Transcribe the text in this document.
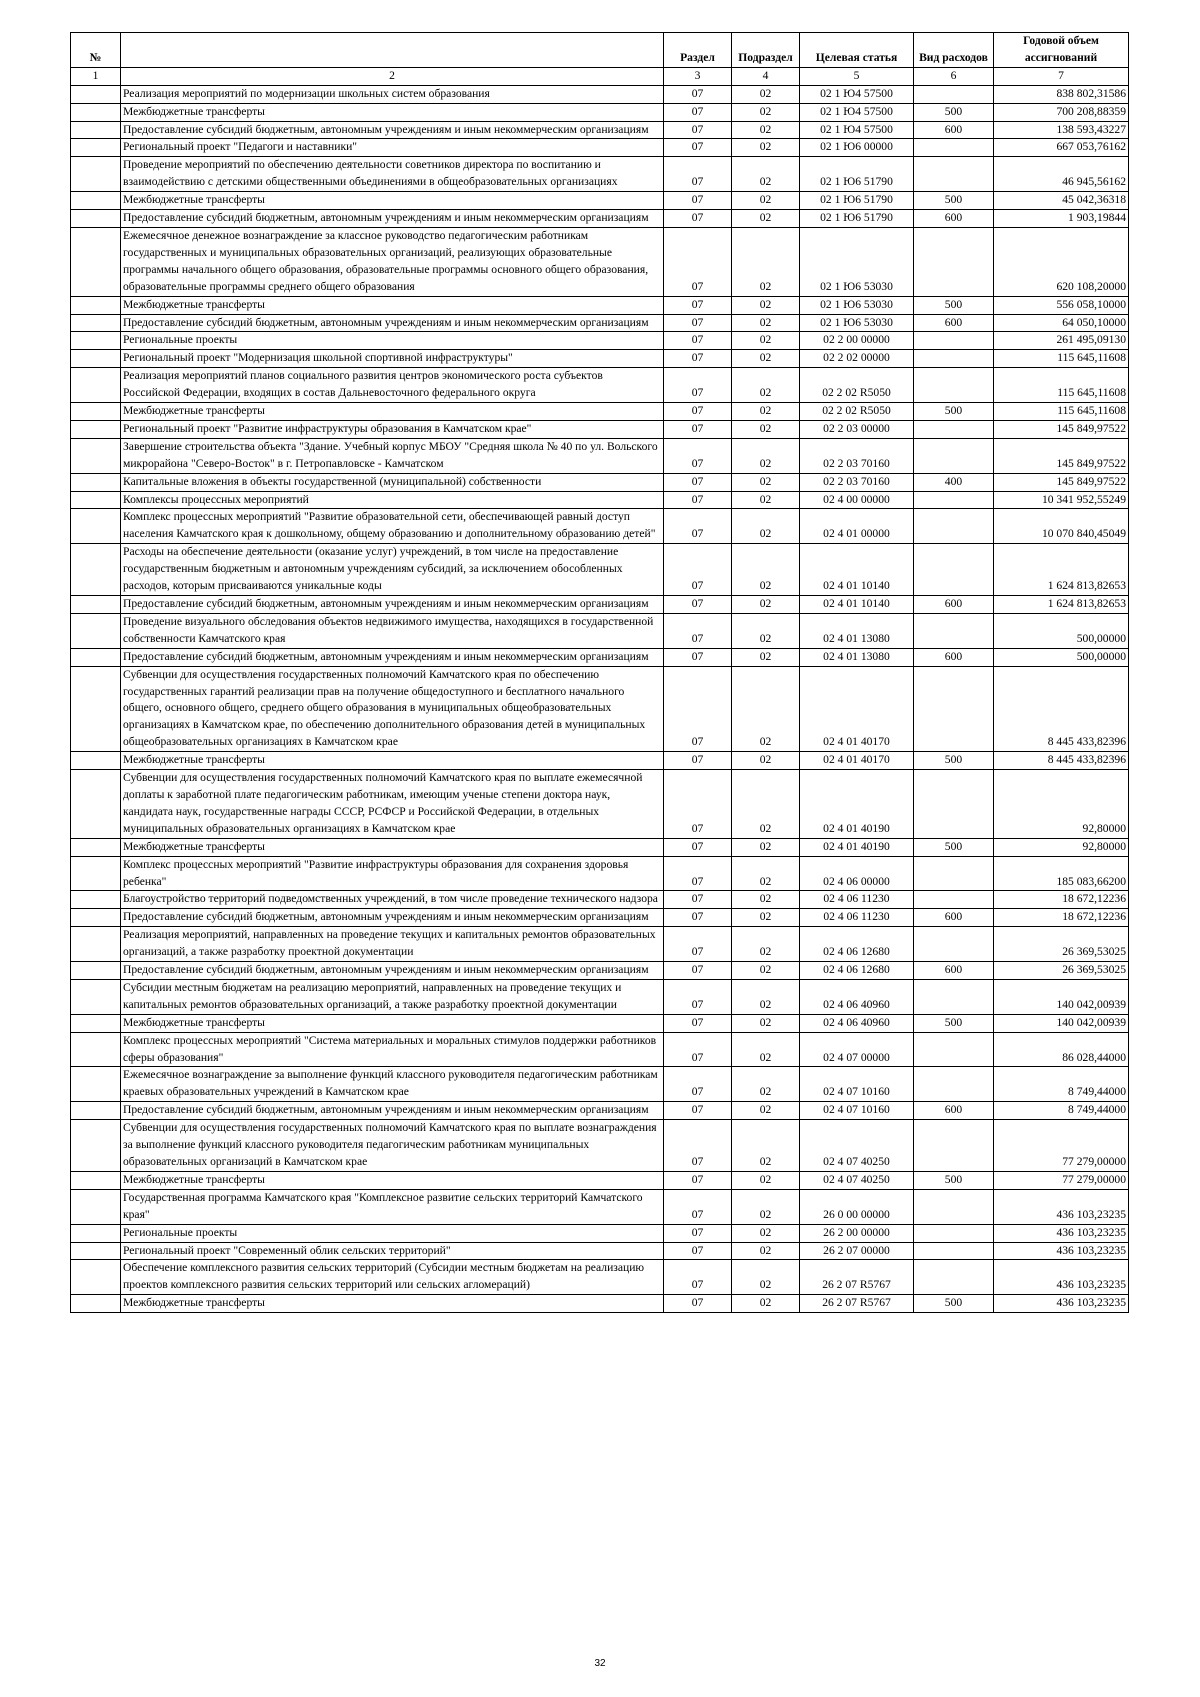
№		Раздел	Подраздел	Целевая статья	Вид расходов	Годовой объем ассигнований
1	2	3	4	5	6	7
	Реализация мероприятий по модернизации школьных систем образования	07	02	02 1 Ю4 57500		838 802,31586
	Межбюджетные трансферты	07	02	02 1 Ю4 57500	500	700 208,88359
	Предоставление субсидий бюджетным, автономным учреждениям и иным некоммерческим организациям	07	02	02 1 Ю4 57500	600	138 593,43227
	Региональный проект "Педагоги и наставники"	07	02	02 1 Ю6 00000		667 053,76162
	Проведение мероприятий по обеспечению деятельности советников директора по воспитанию и взаимодействию с детскими общественными объединениями в общеобразовательных организациях	07	02	02 1 Ю6 51790		46 945,56162
	Межбюджетные трансферты	07	02	02 1 Ю6 51790	500	45 042,36318
	Предоставление субсидий бюджетным, автономным учреждениям и иным некоммерческим организациям	07	02	02 1 Ю6 51790	600	1 903,19844
	Ежемесячное денежное вознаграждение за классное руководство педагогическим работникам государственных и муниципальных образовательных организаций, реализующих образовательные программы начального общего образования, образовательные программы основного общего образования, образовательные программы среднего общего образования	07	02	02 1 Ю6 53030		620 108,20000
	Межбюджетные трансферты	07	02	02 1 Ю6 53030	500	556 058,10000
	Предоставление субсидий бюджетным, автономным учреждениям и иным некоммерческим организациям	07	02	02 1 Ю6 53030	600	64 050,10000
	Региональные проекты	07	02	02 2 00 00000		261 495,09130
	Региональный проект "Модернизация школьной спортивной инфраструктуры"	07	02	02 2 02 00000		115 645,11608
	Реализация мероприятий планов социального развития центров экономического роста субъектов Российской Федерации, входящих в состав Дальневосточного федерального округа	07	02	02 2 02 R5050		115 645,11608
	Межбюджетные трансферты	07	02	02 2 02 R5050	500	115 645,11608
	Региональный проект "Развитие инфраструктуры образования в Камчатском крае"	07	02	02 2 03 00000		145 849,97522
	Завершение строительства объекта "Здание. Учебный корпус МБОУ "Средняя школа № 40 по ул. Вольского микрорайона "Северо-Восток" в г. Петропавловске - Камчатском	07	02	02 2 03 70160		145 849,97522
	Капитальные вложения в объекты государственной (муниципальной) собственности	07	02	02 2 03 70160	400	145 849,97522
	Комплексы процессных мероприятий	07	02	02 4 00 00000		10 341 952,55249
	Комплекс процессных мероприятий "Развитие образовательной сети, обеспечивающей равный доступ населения Камчатского края к дошкольному, общему образованию и дополнительному образованию детей"	07	02	02 4 01 00000		10 070 840,45049
	Расходы на обеспечение деятельности (оказание услуг) учреждений, в том числе на предоставление государственным бюджетным и автономным учреждениям субсидий, за исключением обособленных расходов, которым присваиваются уникальные коды	07	02	02 4 01 10140		1 624 813,82653
	Предоставление субсидий бюджетным, автономным учреждениям и иным некоммерческим организациям	07	02	02 4 01 10140	600	1 624 813,82653
	Проведение визуального обследования объектов недвижимого имущества, находящихся в государственной собственности Камчатского края	07	02	02 4 01 13080		500,00000
	Предоставление субсидий бюджетным, автономным учреждениям и иным некоммерческим организациям	07	02	02 4 01 13080	600	500,00000
	Субвенции для осуществления государственных полномочий Камчатского края по обеспечению государственных гарантий реализации прав на получение общедоступного и бесплатного начального общего, основного общего, среднего общего образования в муниципальных общеобразовательных организациях в Камчатском крае, по обеспечению дополнительного образования детей в муниципальных общеобразовательных организациях в Камчатском крае	07	02	02 4 01 40170		8 445 433,82396
	Межбюджетные трансферты	07	02	02 4 01 40170	500	8 445 433,82396
	Субвенции для осуществления государственных полномочий Камчатского края по выплате ежемесячной доплаты к заработной плате педагогическим работникам, имеющим ученые степени доктора наук, кандидата наук, государственные награды СССР, РСФСР и Российской Федерации, в отдельных муниципальных образовательных организациях в Камчатском крае	07	02	02 4 01 40190		92,80000
	Межбюджетные трансферты	07	02	02 4 01 40190	500	92,80000
	Комплекс процессных мероприятий "Развитие инфраструктуры образования для сохранения здоровья ребенка"	07	02	02 4 06 00000		185 083,66200
	Благоустройство территорий подведомственных учреждений, в том числе проведение технического надзора	07	02	02 4 06 11230		18 672,12236
	Предоставление субсидий бюджетным, автономным учреждениям и иным некоммерческим организациям	07	02	02 4 06 11230	600	18 672,12236
	Реализация мероприятий, направленных на проведение текущих и капитальных ремонтов образовательных организаций, а также разработку проектной документации	07	02	02 4 06 12680		26 369,53025
	Предоставление субсидий бюджетным, автономным учреждениям и иным некоммерческим организациям	07	02	02 4 06 12680	600	26 369,53025
	Субсидии местным бюджетам на реализацию мероприятий, направленных на проведение текущих и капитальных ремонтов образовательных организаций, а также разработку проектной документации	07	02	02 4 06 40960		140 042,00939
	Межбюджетные трансферты	07	02	02 4 06 40960	500	140 042,00939
	Комплекс процессных мероприятий "Система материальных и моральных стимулов поддержки работников сферы образования"	07	02	02 4 07 00000		86 028,44000
	Ежемесячное вознаграждение за выполнение функций классного руководителя педагогическим работникам краевых образовательных учреждений в Камчатском крае	07	02	02 4 07 10160		8 749,44000
	Предоставление субсидий бюджетным, автономным учреждениям и иным некоммерческим организациям	07	02	02 4 07 10160	600	8 749,44000
	Субвенции для осуществления государственных полномочий Камчатского края по выплате вознаграждения за выполнение функций классного руководителя педагогическим работникам муниципальных образовательных организаций в Камчатском крае	07	02	02 4 07 40250		77 279,00000
	Межбюджетные трансферты	07	02	02 4 07 40250	500	77 279,00000
	Государственная программа Камчатского края "Комплексное развитие сельских территорий Камчатского края"	07	02	26 0 00 00000		436 103,23235
	Региональные проекты	07	02	26 2 00 00000		436 103,23235
	Региональный проект "Современный облик сельских территорий"	07	02	26 2 07 00000		436 103,23235
	Обеспечение комплексного развития сельских территорий (Субсидии местным бюджетам на реализацию проектов комплексного развития сельских территорий или сельских агломераций)	07	02	26 2 07 R5767		436 103,23235
	Межбюджетные трансферты	07	02	26 2 07 R5767	500	436 103,23235
32
